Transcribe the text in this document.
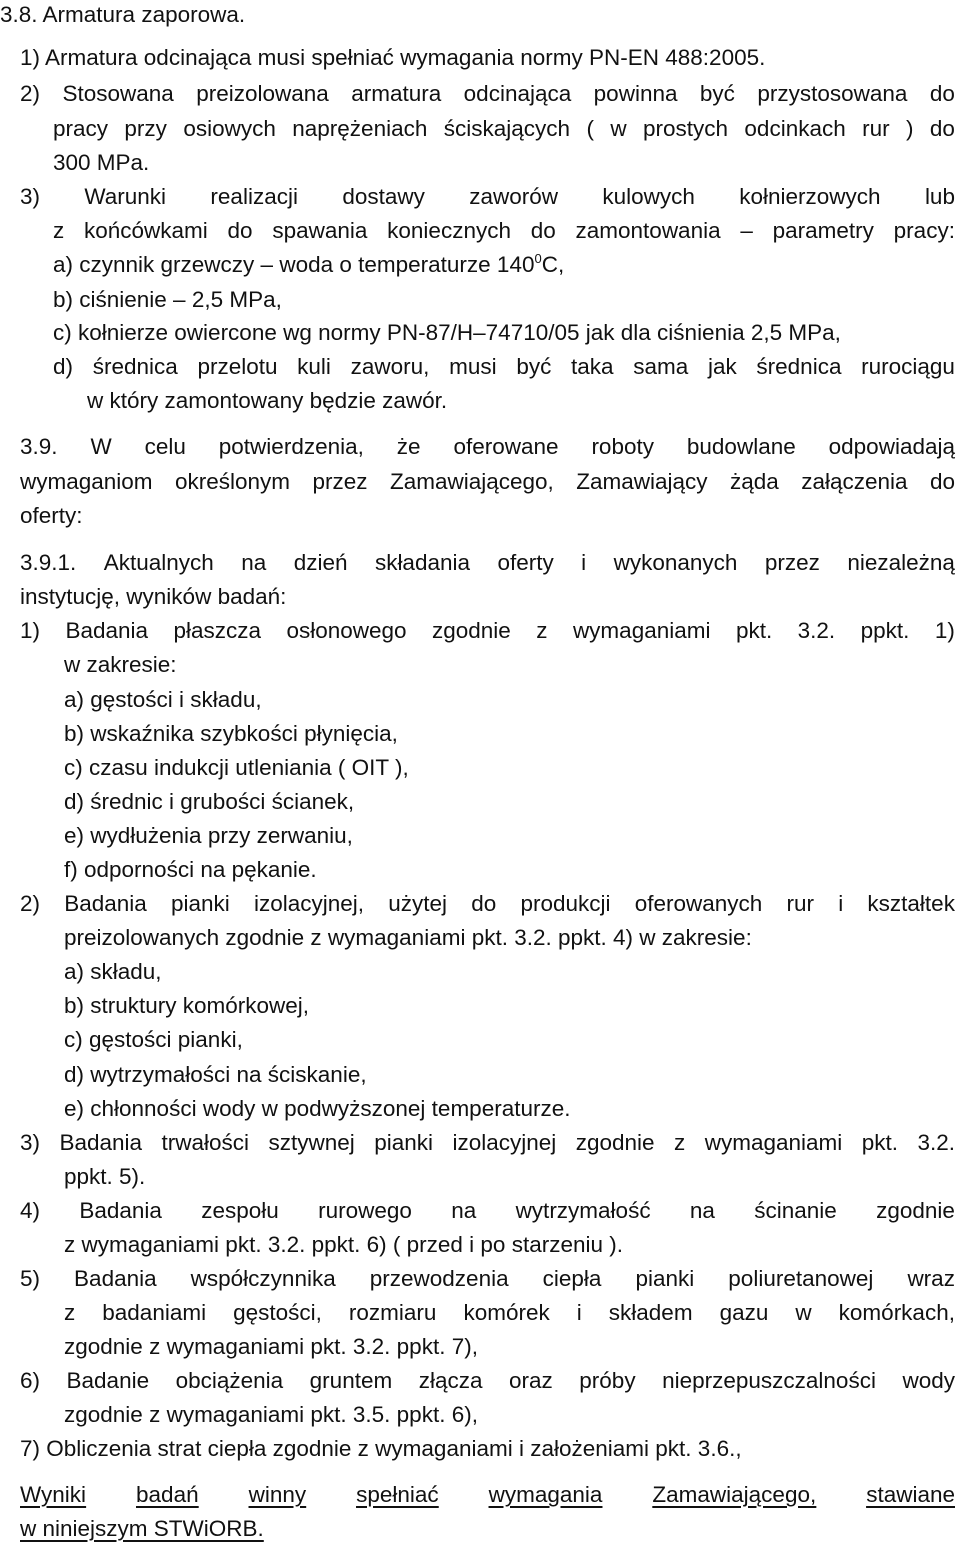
3.8. Armatura zaporowa.
1) Armatura odcinająca musi spełniać wymagania normy PN-EN 488:2005.
2) Stosowana preizolowana armatura odcinająca powinna być przystosowana do
pracy przy osiowych naprężeniach ściskających ( w prostych odcinkach rur ) do
300 MPa.
3) Warunki realizacji dostawy zaworów kulowych kołnierzowych lub
z końcówkami do spawania koniecznych do zamontowania – parametry pracy:
a) czynnik grzewczy – woda o temperaturze $140^0C$,
b) ciśnienie – 2,5 MPa,
c) kołnierze owiercone wg normy PN-87/H–74710/05 jak dla ciśnienia 2,5 MPa,
d) średnica przelotu kuli zaworu, musi być taka sama jak średnica rurociągu
w który zamontowany będzie zawór.
3.9. W celu potwierdzenia, że oferowane roboty budowlane odpowiadają
wymaganiom określonym przez Zamawiającego, Zamawiający żąda załączenia do
oferty:
3.9.1. Aktualnych na dzień składania oferty i wykonanych przez niezależną
instytucję, wyników badań:
1) Badania płaszcza osłonowego zgodnie z wymaganiami pkt. 3.2. ppkt. 1)
w zakresie:
a) gęstości i składu,
b) wskaźnika szybkości płynięcia,
c) czasu indukcji utleniania ( OIT ),
d) średnic i grubości ścianek,
e) wydłużenia przy zerwaniu,
f) odporności na pękanie.
2) Badania pianki izolacyjnej, użytej do produkcji oferowanych rur i kształtek
preizolowanych zgodnie z wymaganiami pkt. 3.2. ppkt. 4) w zakresie:
a) składu,
b) struktury komórkowej,
c) gęstości pianki,
d) wytrzymałości na ściskanie,
e) chłonności wody w podwyższonej temperaturze.
3) Badania trwałości sztywnej pianki izolacyjnej zgodnie z wymaganiami pkt. 3.2.
ppkt. 5).
4) Badania zespołu rurowego na wytrzymałość na ścinanie zgodnie
z wymaganiami pkt. 3.2. ppkt. 6) ( przed i po starzeniu ).
5) Badania współczynnika przewodzenia ciepła pianki poliuretanowej wraz
z badaniami gęstości, rozmiaru komórek i składem gazu w komórkach,
zgodnie z wymaganiami pkt. 3.2. ppkt. 7),
6) Badanie obciążenia gruntem złącza oraz próby nieprzepuszczalności wody
zgodnie z wymaganiami pkt. 3.5. ppkt. 6),
7) Obliczenia strat ciepła zgodnie z wymaganiami i założeniami pkt. 3.6.,
Wyniki badań winny spełniać wymagania Zamawiającego, stawiane
w niniejszym STWiORB.
